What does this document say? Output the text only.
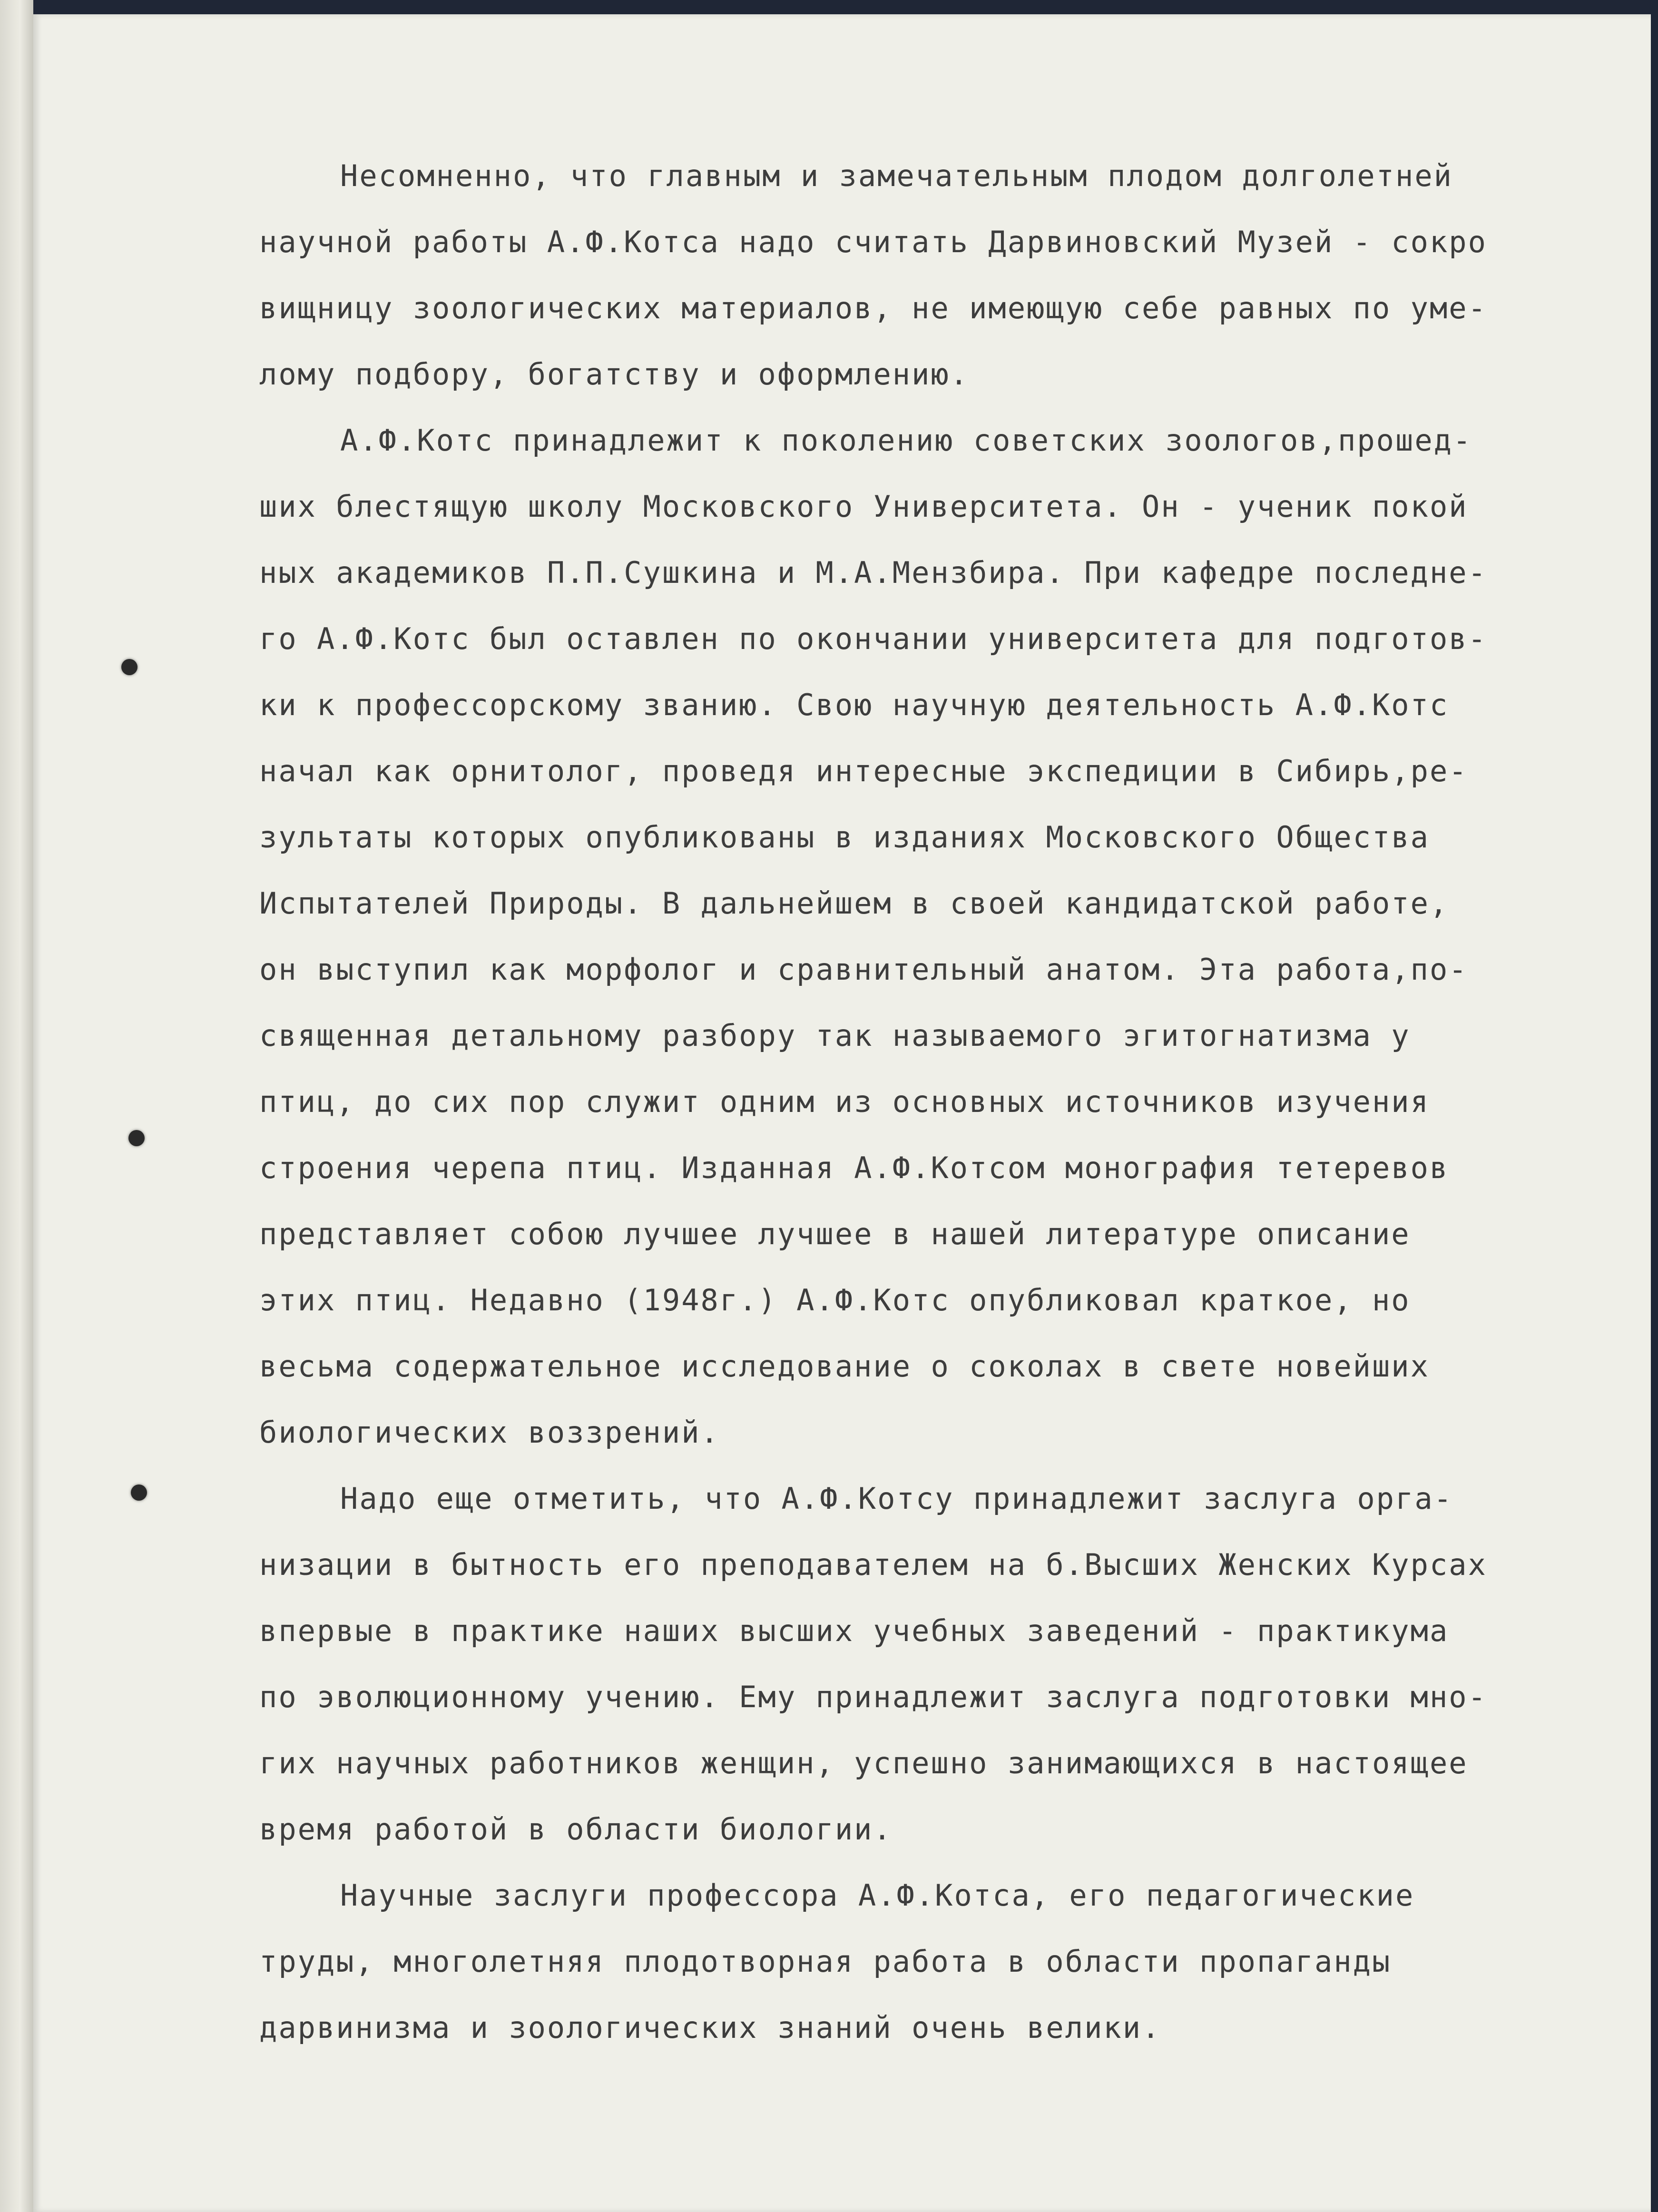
Несомненно, что главным и замечательным плодом долголетней
научной работы А.Ф.Котса надо считать Дарвиновский Музей - сокро
вищницу зоологических материалов, не имеющую себе равных по уме-
лому подбору, богатству и оформлению.
А.Ф.Котс принадлежит к поколению советских зоологов,прошед-
ших блестящую школу Московского Университета. Он - ученик покой
ных академиков П.П.Сушкина и М.А.Мензбира. При кафедре последне-
го А.Ф.Котс был оставлен по окончании университета для подготов-
ки к профессорскому званию. Свою научную деятельность А.Ф.Котс
начал как орнитолог, проведя интересные экспедиции в Сибирь,ре-
зультаты которых опубликованы в изданиях Московского Общества
Испытателей Природы. В дальнейшем в своей кандидатской работе,
он выступил как морфолог и сравнительный анатом. Эта работа,по-
священная детальному разбору так называемого эгитогнатизма у
птиц, до сих пор служит одним из основных источников изучения
строения черепа птиц. Изданная А.Ф.Котсом монография тетеревов
представляет собою лучшее лучшее в нашей литературе описание
этих птиц. Недавно (1948г.) А.Ф.Котс опубликовал краткое, но
весьма содержательное исследование о соколах в свете новейших
биологических воззрений.
Надо еще отметить, что А.Ф.Котсу принадлежит заслуга орга-
низации в бытность его преподавателем на б.Высших Женских Курсах
впервые в практике наших высших учебных заведений - практикума
по эволюционному учению. Ему принадлежит заслуга подготовки мно-
гих научных работников женщин, успешно занимающихся в настоящее
время работой в области биологии.
Научные заслуги профессора А.Ф.Котса, его педагогические
труды, многолетняя плодотворная работа в области пропаганды
дарвинизма и зоологических знаний очень велики.
